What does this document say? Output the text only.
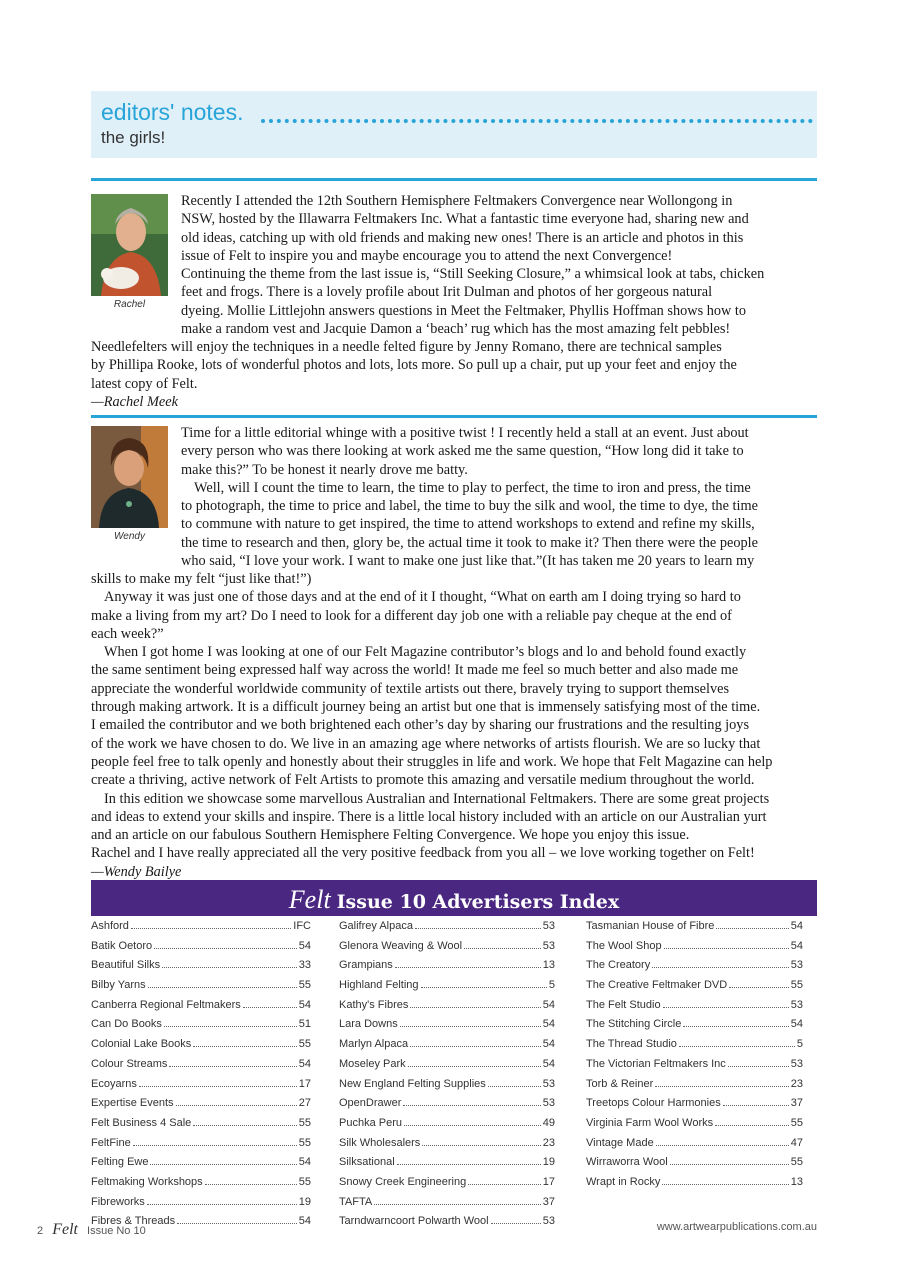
editors' notes.
the girls!
Rachel
Recently I attended the 12th Southern Hemisphere Feltmakers Convergence near Wollongong in
NSW, hosted by the Illawarra Feltmakers Inc. What a fantastic time everyone had, sharing new and
old ideas, catching up with old friends and making new ones! There is an article and photos in this
issue of Felt to inspire you and maybe encourage you to attend the next Convergence!
Continuing the theme from the last issue is, “Still Seeking Closure,” a whimsical look at tabs, chicken
feet and frogs. There is a lovely profile about Irit Dulman and photos of her gorgeous natural
dyeing. Mollie Littlejohn answers questions in Meet the Feltmaker, Phyllis Hoffman shows how to
make a random vest and Jacquie Damon a ‘beach’ rug which has the most amazing felt pebbles!
Needlefelters will enjoy the techniques in a needle felted figure by Jenny Romano, there are technical samples
by Phillipa Rooke, lots of wonderful photos and lots, lots more. So pull up a chair, put up your feet and enjoy the
latest copy of Felt.
—Rachel Meek
Wendy
Time for a little editorial whinge with a positive twist ! I recently held a stall at an event. Just about
every person who was there looking at work asked me the same question, “How long did it take to
make this?” To be honest it nearly drove me batty.
Well, will I count the time to learn, the time to play to perfect, the time to iron and press, the time
to photograph, the time to price and label, the time to buy the silk and wool, the time to dye, the time
to commune with nature to get inspired, the time to attend workshops to extend and refine my skills,
the time to research and then, glory be, the actual time it took to make it? Then there were the people
who said, “I love your work. I want to make one just like that.”(It has taken me 20 years to learn my
skills to make my felt “just like that!”)
Anyway it was just one of those days and at the end of it I thought, “What on earth am I doing trying so hard to
make a living from my art? Do I need to look for a different day job one with a reliable pay cheque at the end of
each week?”
When I got home I was looking at one of our Felt Magazine contributor’s blogs and lo and behold found exactly
the same sentiment being expressed half way across the world! It made me feel so much better and also made me
appreciate the wonderful worldwide community of textile artists out there, bravely trying to support themselves
through making artwork. It is a difficult journey being an artist but one that is immensely satisfying most of the time.
I emailed the contributor and we both brightened each other’s day by sharing our frustrations and the resulting joys
of the work we have chosen to do. We live in an amazing age where networks of artists flourish. We are so lucky that
people feel free to talk openly and honestly about their struggles in life and work. We hope that Felt Magazine can help
create a thriving, active network of Felt Artists to promote this amazing and versatile medium throughout the world.
In this edition we showcase some marvellous Australian and International Feltmakers. There are some great projects
and ideas to extend your skills and inspire. There is a little local history included with an article on our Australian yurt
and an article on our fabulous Southern Hemisphere Felting Convergence. We hope you enjoy this issue.
Rachel and I have really appreciated all the very positive feedback from you all – we love working together on Felt!
—Wendy Bailye
Felt Issue 10 Advertisers Index
Ashford	IFC
Batik Oetoro	54
Beautiful Silks	33
Bilby Yarns	55
Canberra Regional Feltmakers	54
Can Do Books	51
Colonial Lake Books	55
Colour Streams	54
Ecoyarns	17
Expertise Events	27
Felt Business 4 Sale	55
FeltFine	55
Felting Ewe	54
Feltmaking Workshops	55
Fibreworks	19
Fibres & Threads	54
Galifrey Alpaca	53
Glenora Weaving & Wool	53
Grampians	13
Highland Felting	5
Kathy's Fibres	54
Lara Downs	54
Marlyn Alpaca	54
Moseley Park	54
New England Felting Supplies	53
OpenDrawer	53
Puchka Peru	49
Silk Wholesalers	23
Silksational	19
Snowy Creek Engineering	17
TAFTA	37
Tarndwarncoort Polwarth Wool	53
Tasmanian House of Fibre	54
The Wool Shop	54
The Creatory	53
The Creative Feltmaker DVD	55
The Felt Studio	53
The Stitching Circle	54
The Thread Studio	5
The Victorian Feltmakers Inc	53
Torb & Reiner	23
Treetops Colour Harmonies	37
Virginia Farm Wool Works	55
Vintage Made	47
Wirraworra Wool	55
Wrapt in Rocky	13
2 Felt Issue No 10	www.artwearpublications.com.au
